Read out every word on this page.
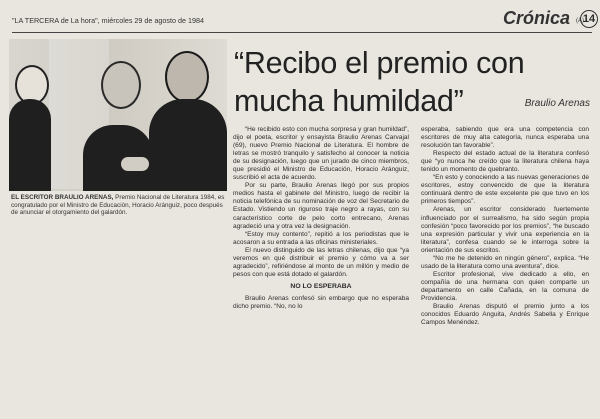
"LA TERCERA de La hora", miércoles 29 de agosto de 1984	Crónica (A)
14
EL ESCRITOR BRAULIO ARENAS, Premio Nacional de Literatura 1984, es congratulado por el Ministro de Educación, Horacio Aránguiz, poco después de anunciar el otorgamiento del galardón.
“Recibo el premio con
mucha humildad”	Braulio Arenas

“He recibido esto con mucha sorpresa y gran humildad”, dijo el poeta, escritor y ensayista Braulio Arenas Carvajal (69), nuevo Premio Nacional de Literatura. El hombre de letras se mostró tranquilo y satisfecho al conocer la noticia de su designación, luego que un jurado de cinco miembros, que presidió el Ministro de Educación, Horacio Aránguiz, suscribió el acta de acuerdo.

Por su parte, Braulio Arenas llegó por sus propios medios hasta el gabinete del Ministro, luego de recibir la noticia telefónica de su nominación de voz del Secretario de Estado. Vistiendo un riguroso traje negro a rayas, con su característico corte de pelo corto entrecano, Arenas agradeció una y otra vez la designación.

“Estoy muy contento”, repitió a los periodistas que le acosaron a su entrada a las oficinas ministeriales.

El nuevo distinguido de las letras chilenas, dijo que “ya veremos en qué distribuir el premio y cómo va a ser agradecido”, refiriéndose al monto de un millón y medio de pesos con que está dotado el galardón.

NO LO ESPERABA

Braulio Arenas confesó sin embargo que no esperaba dicho premio. “No, no lo

esperaba, sabiendo que era una competencia con escritores de muy alta categoría, nunca esperaba una resolución tan favorable”.

Respecto del estado actual de la literatura confesó que “yo nunca he creído que la literatura chilena haya tenido un momento de quebranto.

“En esto y conociendo a las nuevas generaciones de escritores, estoy convencido de que la literatura continuará dentro de este excelente pie que tuvo en los primeros tiempos”.

Arenas, un escritor considerado fuertemente influenciado por el surrealismo, ha sido según propia confesión “poco favorecido por los premios”, “he buscado una expresión particular y vivir una experiencia en la literatura”, confesa cuando se le interroga sobre la orientación de sus escritos.

“No me he detenido en ningún género”, explica. “He usado de la literatura como una aventura”, dice.

Escritor profesional, vive dedicado a ello, en compañía de una hermana con quien comparte un departamento en calle Cañada, en la comuna de Providencia.

Braulio Arenas disputó el premio junto a los conocidos Eduardo Anguita, Andrés Sabella y Enrique Campos Menéndez.
